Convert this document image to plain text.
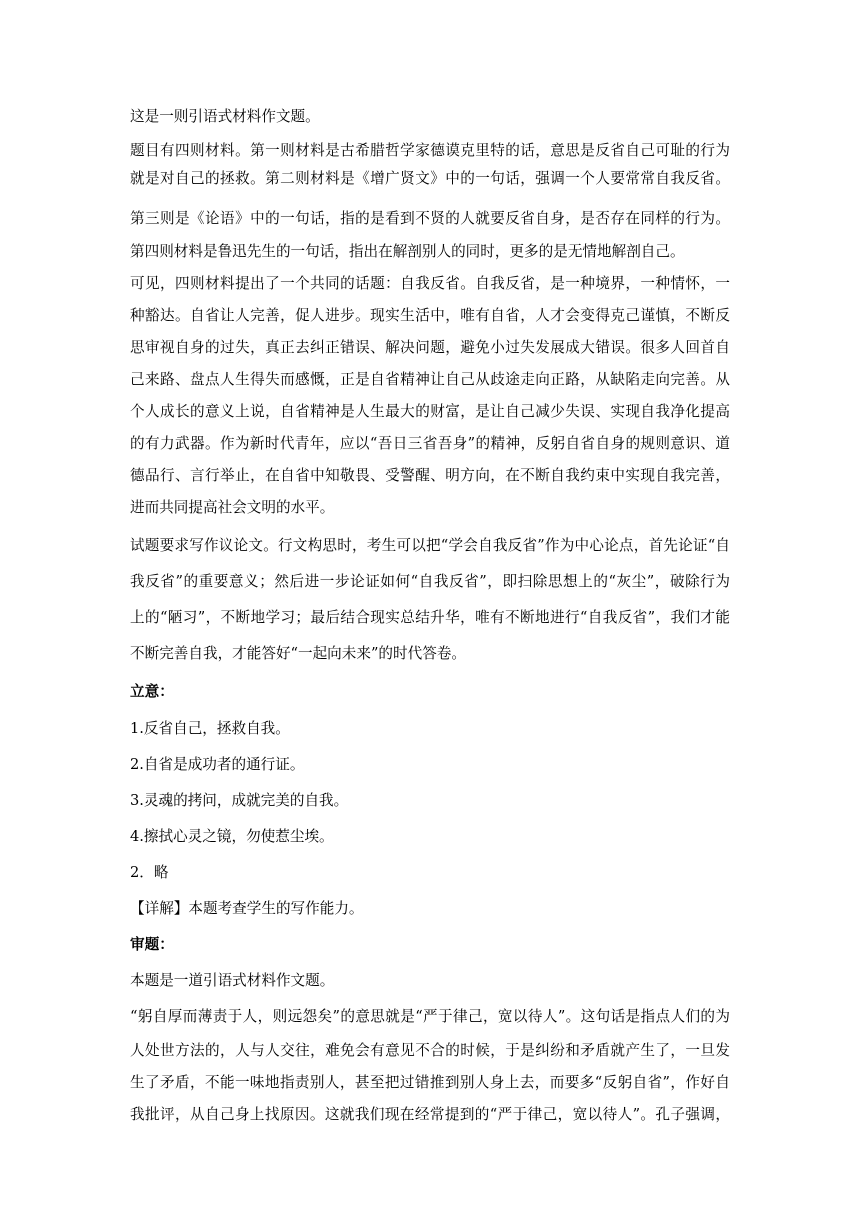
这是一则引语式材料作文题。

题目有四则材料。第一则材料是古希腊哲学家德谟克里特的话，意思是反省自己可耻的行为

就是对自己的拯救。第二则材料是《增广贤文》中的一句话，强调一个人要常常自我反省。

第三则是《论语》中的一句话，指的是看到不贤的人就要反省自身，是否存在同样的行为。

第四则材料是鲁迅先生的一句话，指出在解剖别人的同时，更多的是无情地解剖自己。

可见，四则材料提出了一个共同的话题：自我反省。自我反省，是一种境界，一种情怀，一

种豁达。自省让人完善，促人进步。现实生活中，唯有自省，人才会变得克己谨慎，不断反

思审视自身的过失，真正去纠正错误、解决问题，避免小过失发展成大错误。很多人回首自

己来路、盘点人生得失而感慨，正是自省精神让自己从歧途走向正路，从缺陷走向完善。从

个人成长的意义上说，自省精神是人生最大的财富，是让自己减少失误、实现自我净化提高

的有力武器。作为新时代青年，应以“吾日三省吾身”的精神，反躬自省自身的规则意识、道

德品行、言行举止，在自省中知敬畏、受警醒、明方向，在不断自我约束中实现自我完善，

进而共同提高社会文明的水平。

试题要求写作议论文。行文构思时，考生可以把“学会自我反省”作为中心论点，首先论证“自

我反省”的重要意义；然后进一步论证如何“自我反省”，即扫除思想上的“灰尘”，破除行为

上的“陋习”，不断地学习；最后结合现实总结升华，唯有不断地进行“自我反省”，我们才能

不断完善自我，才能答好“一起向未来”的时代答卷。

立意：

1.反省自己，拯救自我。

2.自省是成功者的通行证。

3.灵魂的拷问，成就完美的自我。

4.擦拭心灵之镜，勿使惹尘埃。

2．略

【详解】本题考查学生的写作能力。

审题：

本题是一道引语式材料作文题。

“躬自厚而薄责于人，则远怨矣”的意思就是“严于律己，宽以待人”。这句话是指点人们的为

人处世方法的，人与人交往，难免会有意见不合的时候，于是纠纷和矛盾就产生了，一旦发

生了矛盾，不能一味地指责别人，甚至把过错推到别人身上去，而要多“反躬自省”，作好自

我批评，从自己身上找原因。这就我们现在经常提到的“严于律己，宽以待人”。孔子强调，
